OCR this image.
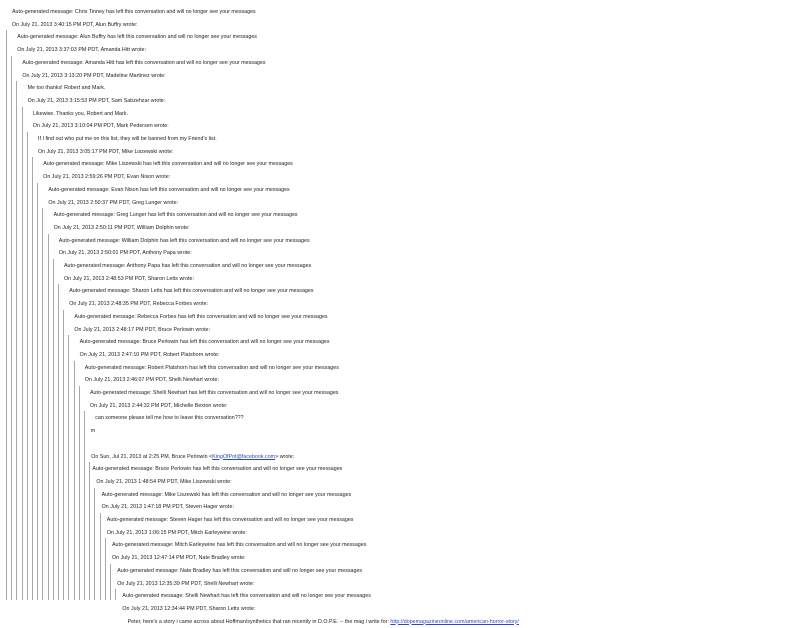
Auto-generated message: Chris Tinney has left this conversation and will no longer see your messages
On July 21, 2013 3:40:15 PM PDT, Alun Buffry wrote:
Auto-generated message: Alun Buffry has left this conversation and will no longer see your messages
On July 21, 2013 3:37:03 PM PDT, Amanda Hitt wrote:
Auto-generated message: Amanda Hitt has left this conversation and will no longer see your messages
On July 21, 2013 3:13:20 PM PDT, Madeline Martinez wrote:
Me too thanks! Robert and Mark.
On July 21, 2013 3:15:53 PM PDT, Sam Sabzehzar wrote:
Likewise. Thanks you, Robert and Mark.
On July 21, 2013 3:10:04 PM PDT, Mark Pedersen wrote:
If I find out who put me on this list, they will be banned from my Friend's list.
On July 21, 2013 3:05:17 PM PDT, Mike Liszewski wrote:
Auto-generated message: Mike Liszewski has left this conversation and will no longer see your messages
On July 21, 2013 2:59:26 PM PDT, Evan Nison wrote:
Auto-generated message: Evan Nison has left this conversation and will no longer see your messages
On July 21, 2013 2:50:37 PM PDT, Greg Lunger wrote:
Auto-generated message: Greg Lunger has left this conversation and will no longer see your messages
On July 21, 2013 2:50:11 PM PDT, William Dolphin wrote:
Auto-generated message: William Dolphin has left this conversation and will no longer see your messages
On July 21, 2013 2:50:01 PM PDT, Anthony Papa wrote:
Auto-generated message: Anthony Papa has left this conversation and will no longer see your messages
On July 21, 2013 2:48:53 PM PDT, Sharon Letts wrote:
Auto-generated message: Sharon Letts has left this conversation and will no longer see your messages
On July 21, 2013 2:48:35 PM PDT, Rebecca Forbes wrote:
Auto-generated message: Rebecca Forbes has left this conversation and will no longer see your messages
On July 21, 2013 2:48:17 PM PDT, Bruce Perlowin wrote:
Auto-generated message: Bruce Perlowin has left this conversation and will no longer see your messages
On July 21, 2013 2:47:10 PM PDT, Robert Platshorn wrote:
Auto-generated message: Robert Platshorn has left this conversation and will no longer see your messages
On July 21, 2013 2:46:07 PM PDT, Shelli Newhart wrote:
Auto-generated message: Shelli Newhart has left this conversation and will no longer see your messages
On July 21, 2013 2:44:32 PM PDT, Michelle Bexton wrote:
can someone please tell me how to leave this conversation???
m
On Sun, Jul 21, 2013 at 2:25 PM, Bruce Perlowin <KingOfPot@facebook.com> wrote:
Auto-generated message: Bruce Perlowin has left this conversation and will no longer see your messages
On July 21, 2013 1:48:54 PM PDT, Mike Liszewski wrote:
Auto-generated message: Mike Liszewski has left this conversation and will no longer see your messages
On July 21, 2013 1:47:18 PM PDT, Steven Hager wrote:
Auto-generated message: Steven Hager has left this conversation and will no longer see your messages
On July 21, 2013 1:06:15 PM PDT, Mitch Earleywine wrote:
Auto-generated message: Mitch Earleywine has left this conversation and will no longer see your messages
On July 21, 2013 12:47:14 PM PDT, Nate Bradley wrote:
Auto-generated message: Nate Bradley has left this conversation and will no longer see your messages
On July 21, 2013 12:35:39 PM PDT, Shelli Newhart wrote:
Auto-generated message: Shelli Newhart has left this conversation and will no longer see your messages
On July 21, 2013 12:34:44 PM PDT, Sharon Letts wrote:
Peter, here's a story i came across about Hoffman/synthetics that ran recently in D.O.P.E. -- the mag i write for: http://dopemagazineonline.com/american-horror-story/
